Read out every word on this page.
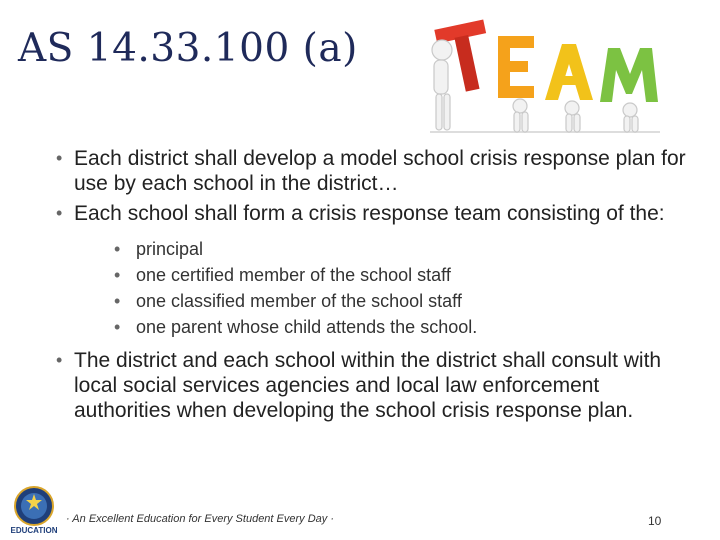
AS 14.33.100 (a)
• Each district shall develop a model school crisis response plan for use by each school in the district…
• Each school shall form a crisis response team consisting of the:
• principal
• one certified member of the school staff
• one classified member of the school staff
• one parent whose child attends the school.
• The district and each school within the district shall consult with local social services agencies and local law enforcement authorities when developing the school crisis response plan.
EDUCATION
· An Excellent Education for Every Student Every Day ·	10
